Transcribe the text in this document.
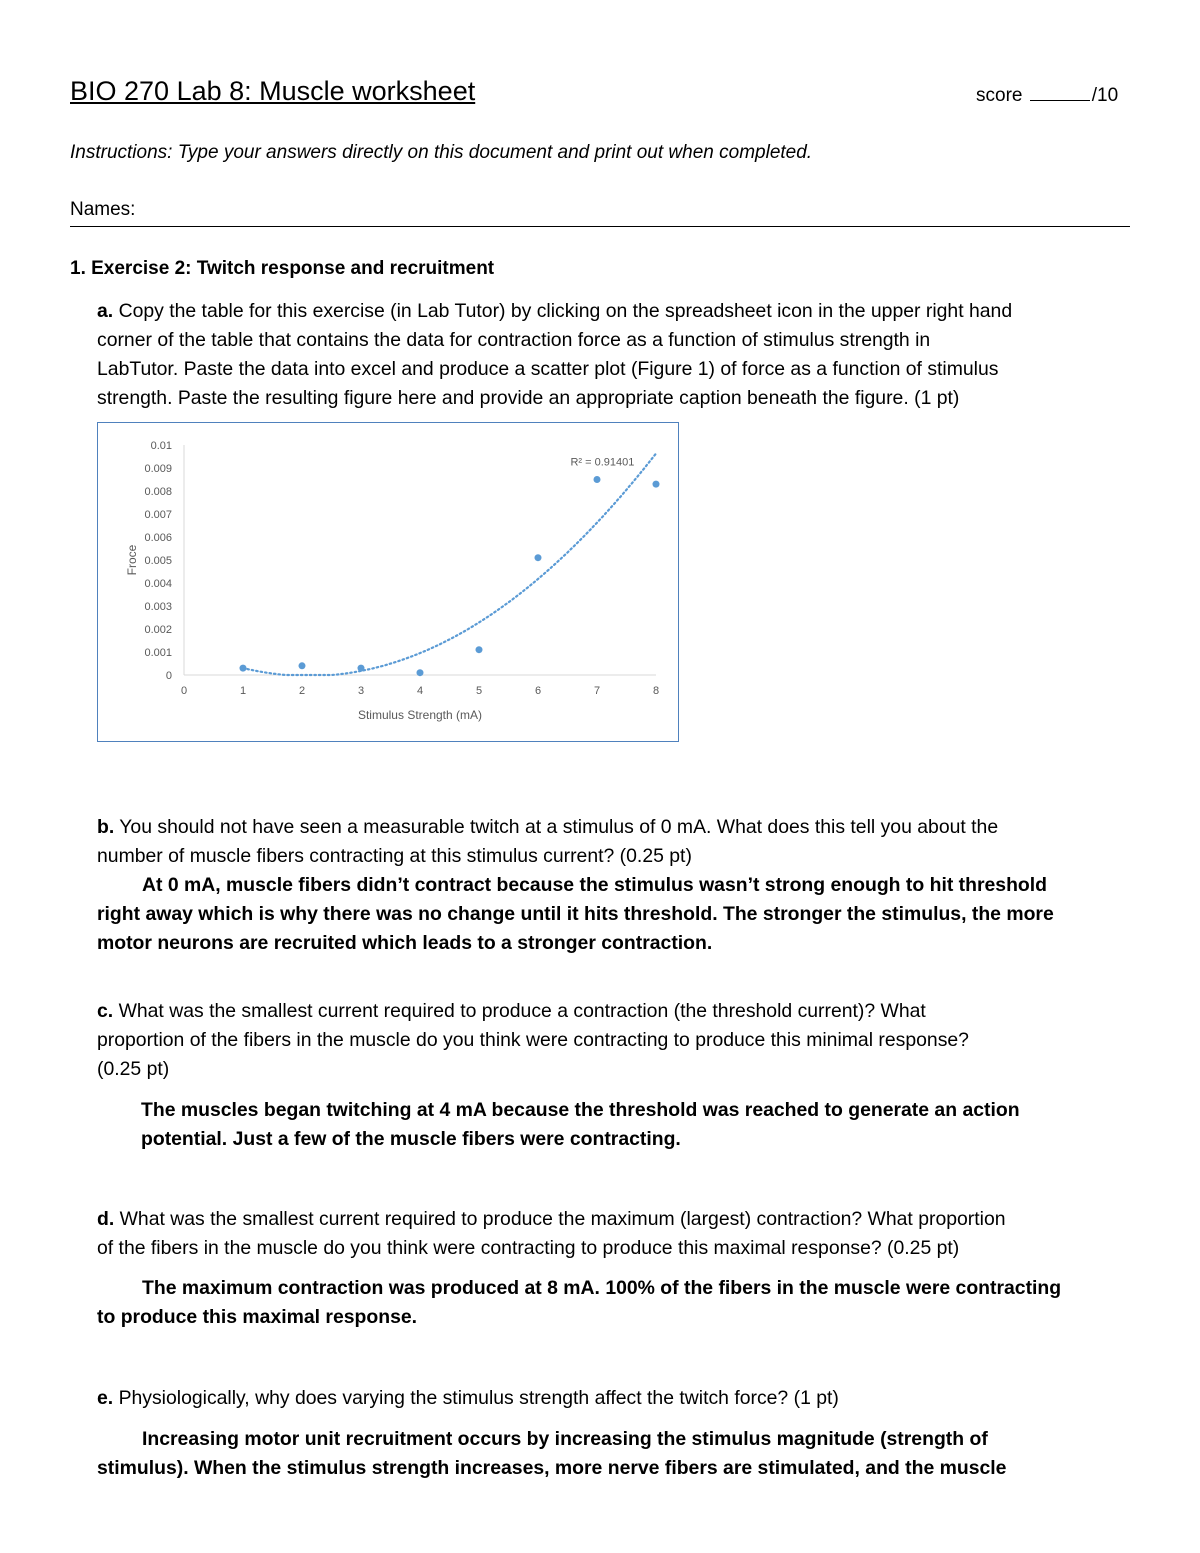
BIO 270 Lab 8: Muscle worksheet	score	/10
Instructions: Type your answers directly on this document and print out when completed.
Names:
1. Exercise 2: Twitch response and recruitment
a. Copy the table for this exercise (in Lab Tutor) by clicking on the spreadsheet icon in the upper right hand
corner of the table that contains the data for contraction force as a function of stimulus strength in
LabTutor. Paste the data into excel and produce a scatter plot (Figure 1) of force as a function of stimulus
strength. Paste the resulting figure here and provide an appropriate caption beneath the figure. (1 pt)
0
0.001
0.002
0.003
0.004
0.005
0.006
0.007
0.008
0.009
0.01
0	1	2	3	4	5	6	7	8
Stimulus Strength (mA)
Froce
R² = 0.91401
b. You should not have seen a measurable twitch at a stimulus of 0 mA. What does this tell you about the
number of muscle fibers contracting at this stimulus current? (0.25 pt)
At 0 mA, muscle fibers didn’t contract because the stimulus wasn’t strong enough to hit threshold
right away which is why there was no change until it hits threshold. The stronger the stimulus, the more
motor neurons are recruited which leads to a stronger contraction.
c. What was the smallest current required to produce a contraction (the threshold current)? What
proportion of the fibers in the muscle do you think were contracting to produce this minimal response?
(0.25 pt)
The muscles began twitching at 4 mA because the threshold was reached to generate an action
potential. Just a few of the muscle fibers were contracting.
d. What was the smallest current required to produce the maximum (largest) contraction? What proportion
of the fibers in the muscle do you think were contracting to produce this maximal response? (0.25 pt)
The maximum contraction was produced at 8 mA. 100% of the fibers in the muscle were contracting
to produce this maximal response.
e. Physiologically, why does varying the stimulus strength affect the twitch force? (1 pt)
Increasing motor unit recruitment occurs by increasing the stimulus magnitude (strength of
stimulus). When the stimulus strength increases, more nerve fibers are stimulated, and the muscle
